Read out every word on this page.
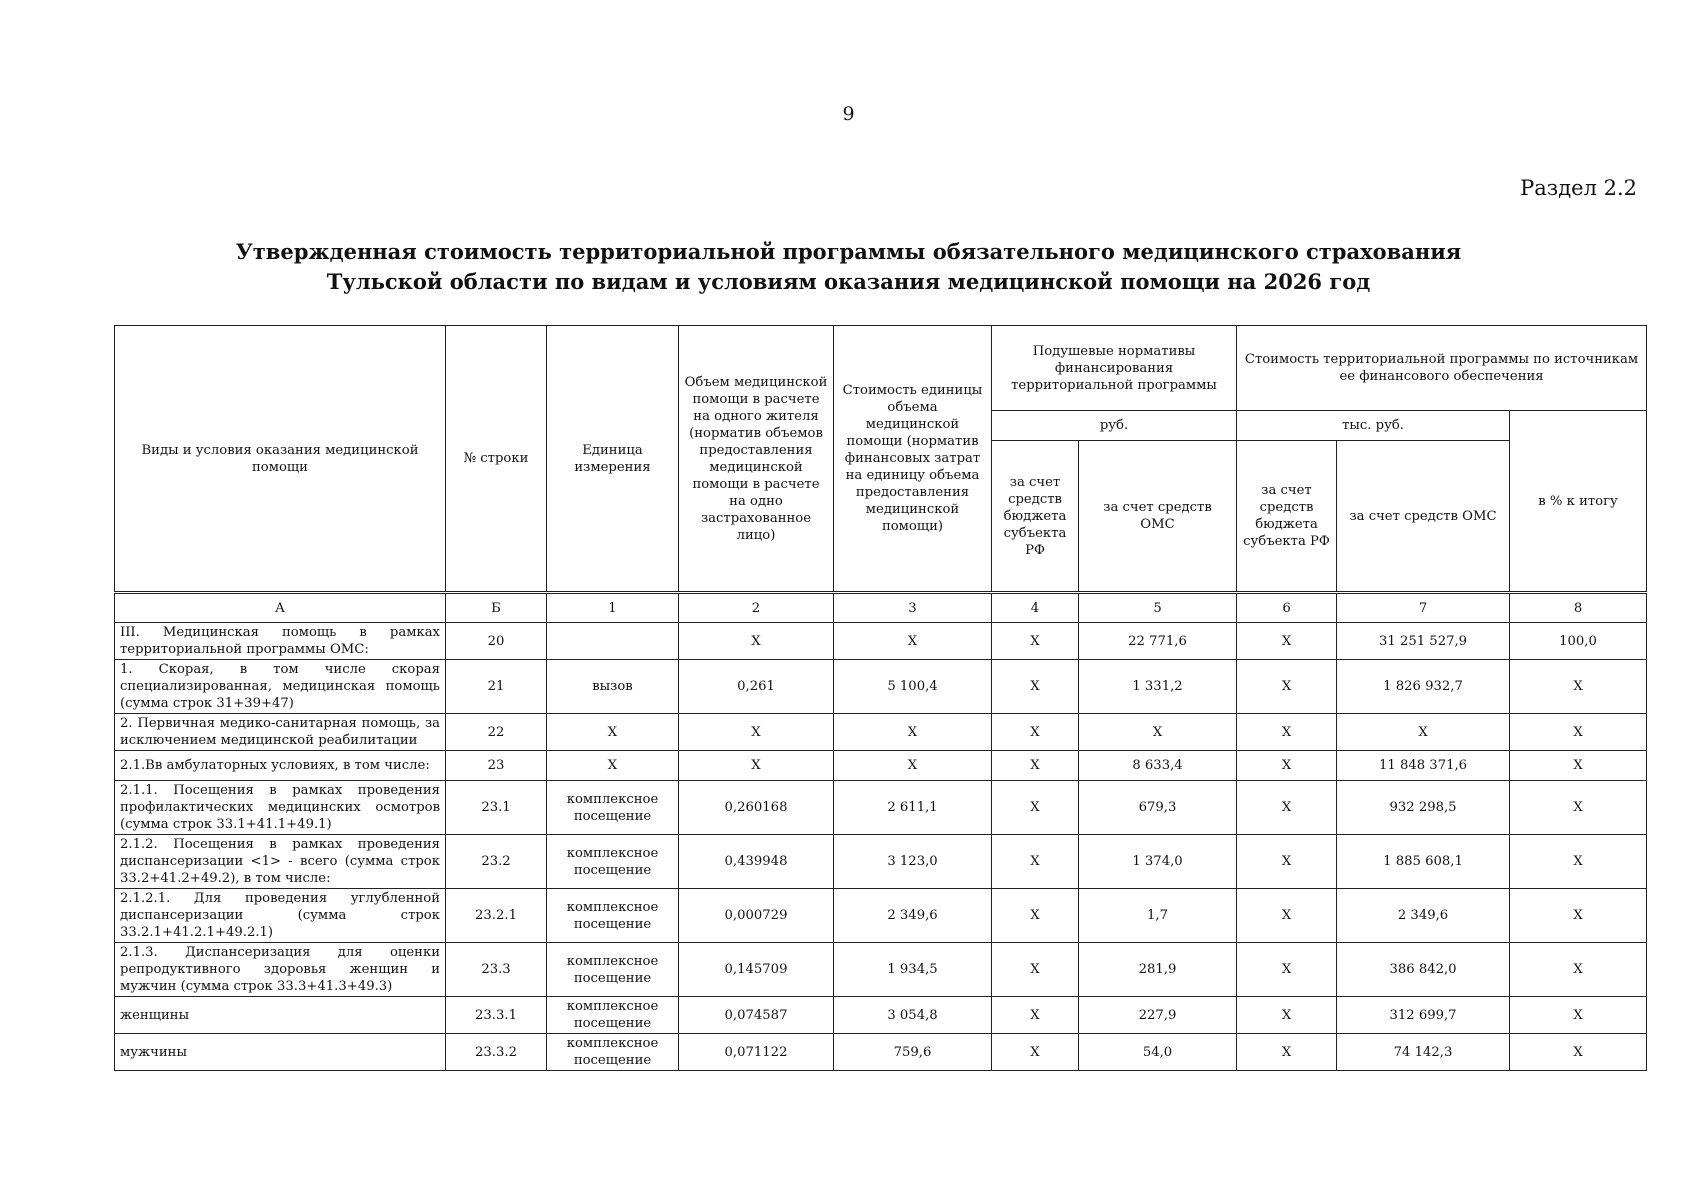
9
Раздел 2.2
Утвержденная стоимость территориальной программы обязательного медицинского страхования
Тульской области по видам и условиям оказания медицинской помощи на 2026 год
Виды и условия оказания медицинской помощи	№ строки	Единица измерения	Объем медицинской помощи в расчете на одного жителя (норматив объемов предоставления медицинской помощи в расчете на одно застрахованное лицо)	Стоимость единицы объема медицинской помощи (норматив финансовых затрат на единицу объема предоставления медицинской помощи)	Подушевые нормативы финансирования территориальной программы		Стоимость территориальной программы по источникам ее финансового обеспечения		
					руб.		тыс. руб.		в % к итогу
					за счет средств бюджета субъекта РФ	за счет средств ОМС	за счет средств бюджета субъекта РФ	за счет средств ОМС	
А	Б	1	2	3	4	5	6	7	8
III. Медицинская помощь в рамках территориальной программы ОМС:	20		X	X	X	22 771,6	X	31 251 527,9	100,0
1. Скорая, в том числе скорая специализированная, медицинская помощь (сумма строк 31+39+47)	21	вызов	0,261	5 100,4	X	1 331,2	X	1 826 932,7	X
2. Первичная медико-санитарная помощь, за исключением медицинской реабилитации	22	X	X	X	X	X	X	X	X
2.1.Вв амбулаторных условиях, в том числе:	23	X	X	X	X	8 633,4	X	11 848 371,6	X
2.1.1. Посещения в рамках проведения профилактических медицинских осмотров (сумма строк 33.1+41.1+49.1)	23.1	комплексное посещение	0,260168	2 611,1	X	679,3	X	932 298,5	X
2.1.2. Посещения в рамках проведения диспансеризации <1> - всего (сумма строк 33.2+41.2+49.2), в том числе:	23.2	комплексное посещение	0,439948	3 123,0	X	1 374,0	X	1 885 608,1	X
2.1.2.1. Для проведения углубленной диспансеризации (сумма строк 33.2.1+41.2.1+49.2.1)	23.2.1	комплексное посещение	0,000729	2 349,6	X	1,7	X	2 349,6	X
2.1.3. Диспансеризация для оценки репродуктивного здоровья женщин и мужчин (сумма строк 33.3+41.3+49.3)	23.3	комплексное посещение	0,145709	1 934,5	X	281,9	X	386 842,0	X
женщины	23.3.1	комплексное посещение	0,074587	3 054,8	X	227,9	X	312 699,7	X
мужчины	23.3.2	комплексное посещение	0,071122	759,6	X	54,0	X	74 142,3	X
